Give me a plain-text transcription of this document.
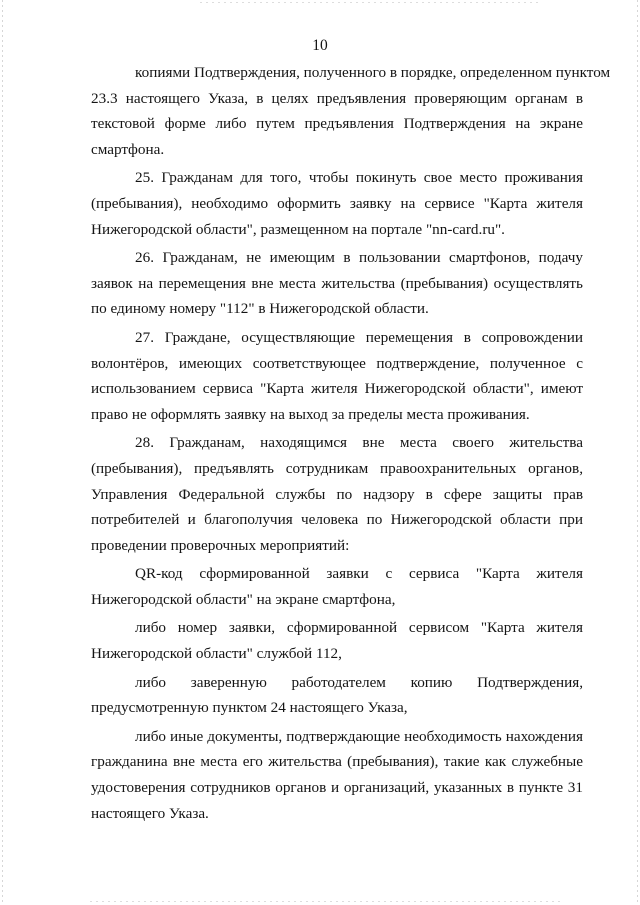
10
копиями Подтверждения, полученного в порядке, определенном пунктом
23.3 настоящего Указа, в целях предъявления проверяющим органам в
текстовой форме либо путем предъявления Подтверждения на экране
смартфона.
25. Гражданам для того, чтобы покинуть свое место проживания
(пребывания), необходимо оформить заявку на сервисе "Карта жителя
Нижегородской области", размещенном на портале "nn-card.ru".
26. Гражданам, не имеющим в пользовании смартфонов, подачу
заявок на перемещения вне места жительства (пребывания) осуществлять
по единому номеру "112" в Нижегородской области.
27. Граждане, осуществляющие перемещения в сопровождении
волонтёров, имеющих соответствующее подтверждение, полученное с
использованием сервиса "Карта жителя Нижегородской области", имеют
право не оформлять заявку на выход за пределы места проживания.
28. Гражданам, находящимся вне места своего жительства
(пребывания), предъявлять сотрудникам правоохранительных органов,
Управления Федеральной службы по надзору в сфере защиты прав
потребителей и благополучия человека по Нижегородской области при
проведении проверочных мероприятий:
QR-код сформированной заявки с сервиса "Карта жителя
Нижегородской области" на экране смартфона,
либо номер заявки, сформированной сервисом "Карта жителя
Нижегородской области" службой 112,
либо заверенную работодателем копию Подтверждения,
предусмотренную пунктом 24 настоящего Указа,
либо иные документы, подтверждающие необходимость нахождения
гражданина вне места его жительства (пребывания), такие как служебные
удостоверения сотрудников органов и организаций, указанных в пункте 31
настоящего Указа.
